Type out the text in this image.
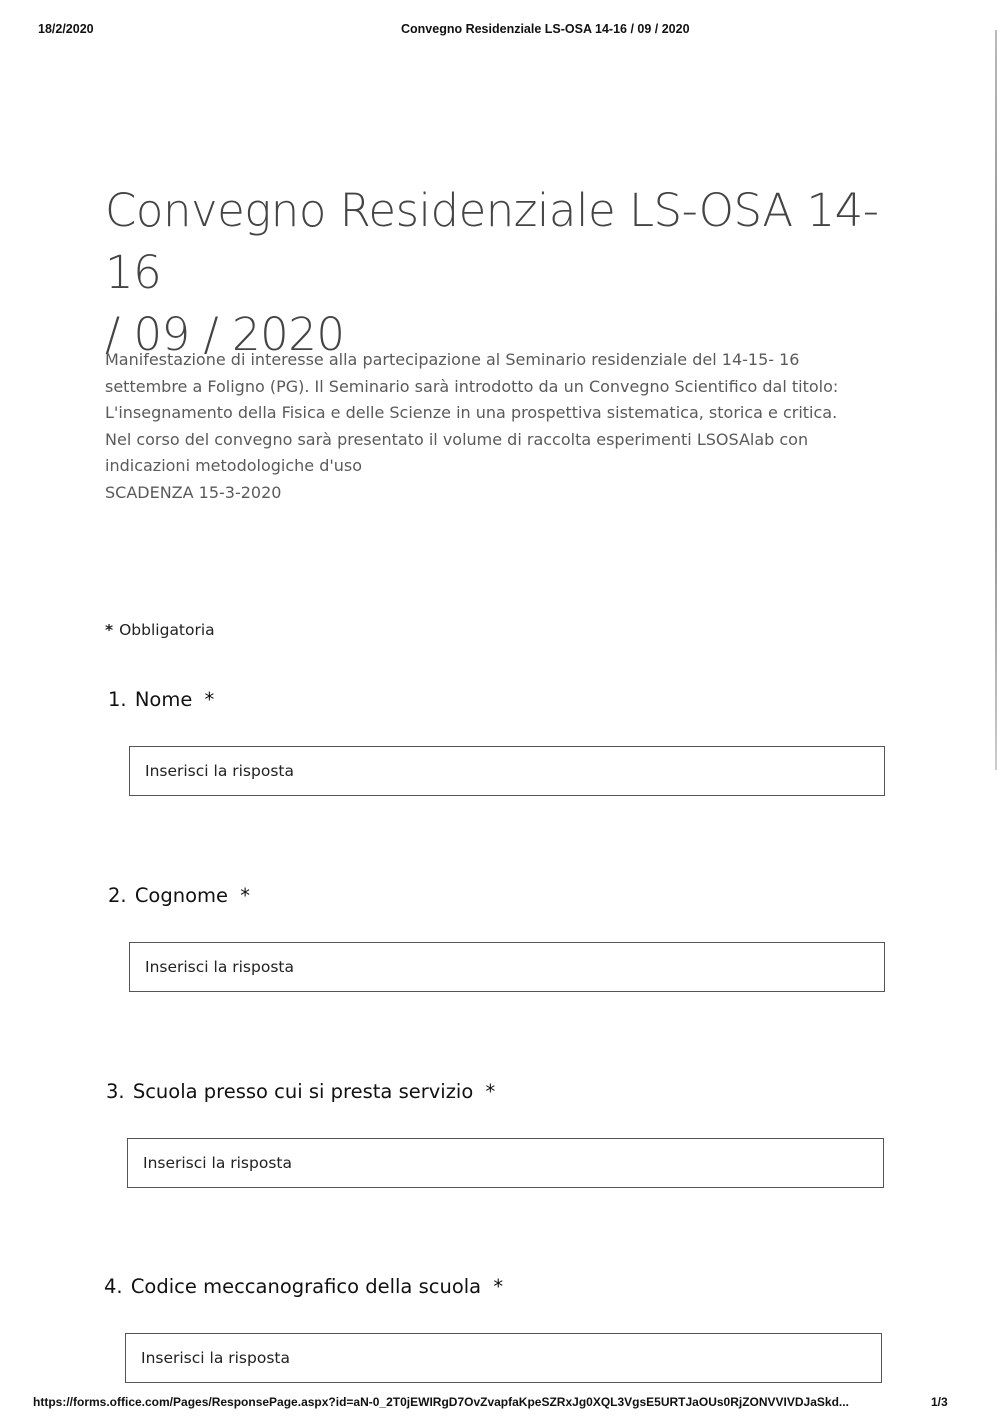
18/2/2020	Convegno Residenziale LS-OSA 14-16 / 09 / 2020
Convegno Residenziale LS-OSA 14-16
/ 09 / 2020
Manifestazione di interesse alla partecipazione al Seminario residenziale del 14-15- 16
settembre a Foligno (PG). Il Seminario sarà introdotto da un Convegno Scientifico dal titolo:
L'insegnamento della Fisica e delle Scienze in una prospettiva sistematica, storica e critica.
Nel corso del convegno sarà presentato il volume di raccolta esperimenti LSOSAlab con
indicazioni metodologiche d'uso
SCADENZA 15-3-2020
* Obbligatoria
1. Nome *
Inserisci la risposta
2. Cognome *
Inserisci la risposta
3. Scuola presso cui si presta servizio *
Inserisci la risposta
4. Codice meccanografico della scuola *
Inserisci la risposta
https://forms.office.com/Pages/ResponsePage.aspx?id=aN-0_2T0jEWIRgD7OvZvapfaKpeSZRxJg0XQL3VgsE5URTJaOUs0RjZONVVIVDJaSkd...	1/3
